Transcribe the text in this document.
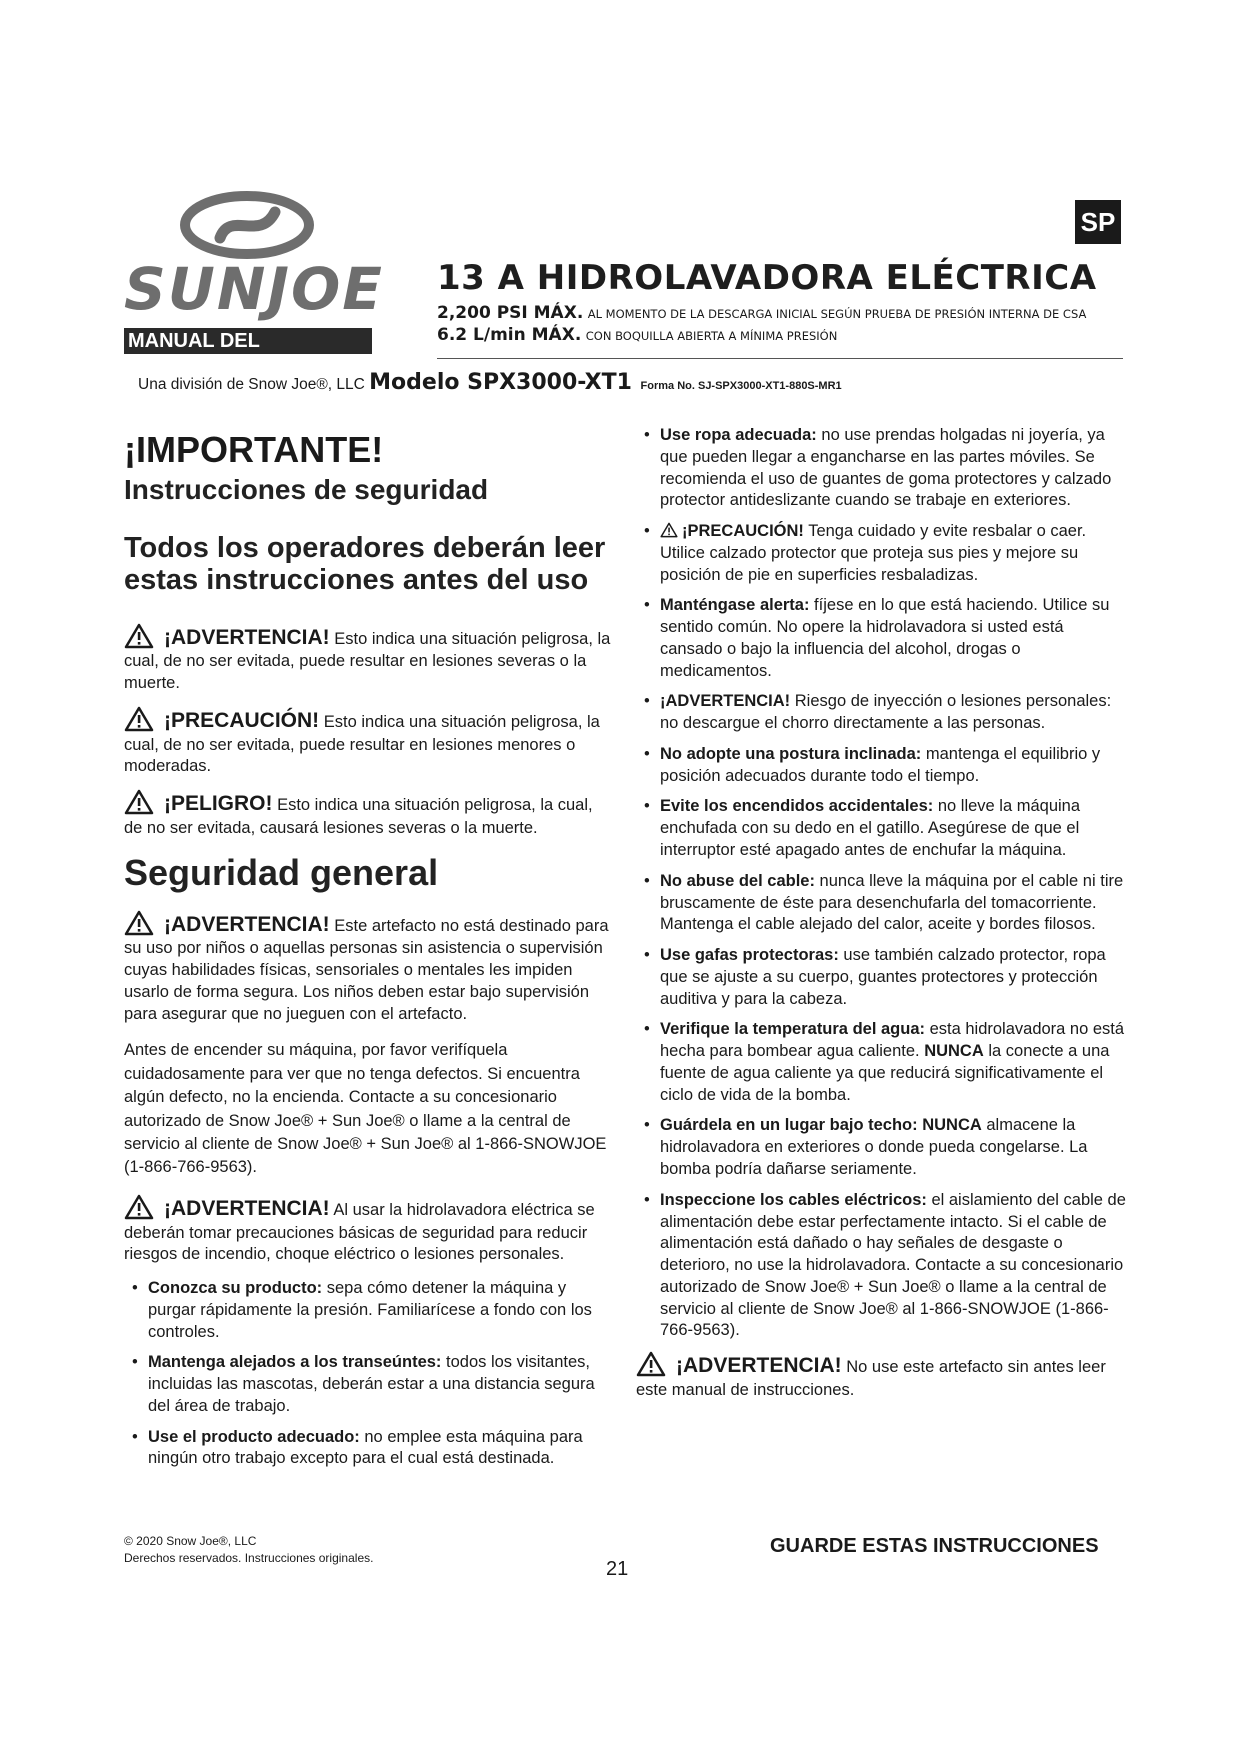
SUNJOE
MANUAL DEL OPERADOR
SP
13 A HIDROLAVADORA ELÉCTRICA
2,200 PSI MÁX. AL MOMENTO DE LA DESCARGA INICIAL SEGÚN PRUEBA DE PRESIÓN INTERNA DE CSA
6.2 L/min MÁX. CON BOQUILLA ABIERTA A MÍNIMA PRESIÓN
Una división de Snow Joe®, LLC Modelo SPX3000-XT1 Forma No. SJ-SPX3000-XT1-880S-MR1
¡IMPORTANTE!
Instrucciones de seguridad
Todos los operadores deberán leer estas instrucciones antes del uso

¡ADVERTENCIA! Esto indica una situación peligrosa, la cual, de no ser evitada, puede resultar en lesiones severas o la muerte.

¡PRECAUCIÓN! Esto indica una situación peligrosa, la cual, de no ser evitada, puede resultar en lesiones menores o moderadas.

¡PELIGRO! Esto indica una situación peligrosa, la cual, de no ser evitada, causará lesiones severas o la muerte.

Seguridad general

¡ADVERTENCIA! Este artefacto no está destinado para su uso por niños o aquellas personas sin asistencia o supervisión cuyas habilidades físicas, sensoriales o mentales les impiden usarlo de forma segura. Los niños deben estar bajo supervisión para asegurar que no jueguen con el artefacto.

Antes de encender su máquina, por favor verifíquela cuidadosamente para ver que no tenga defectos. Si encuentra algún defecto, no la encienda. Contacte a su concesionario autorizado de Snow Joe® + Sun Joe® o llame a la central de servicio al cliente de Snow Joe® + Sun Joe® al 1-866-SNOWJOE (1-866-766-9563).

¡ADVERTENCIA! Al usar la hidrolavadora eléctrica se deberán tomar precauciones básicas de seguridad para reducir riesgos de incendio, choque eléctrico o lesiones personales.

• Conozca su producto: sepa cómo detener la máquina y purgar rápidamente la presión. Familiarícese a fondo con los controles.
• Mantenga alejados a los transeúntes: todos los visitantes, incluidas las mascotas, deberán estar a una distancia segura del área de trabajo.
• Use el producto adecuado: no emplee esta máquina para ningún otro trabajo excepto para el cual está destinada.
• Use ropa adecuada: no use prendas holgadas ni joyería, ya que pueden llegar a engancharse en las partes móviles. Se recomienda el uso de guantes de goma protectores y calzado protector antideslizante cuando se trabaje en exteriores.
• ¡PRECAUCIÓN! Tenga cuidado y evite resbalar o caer. Utilice calzado protector que proteja sus pies y mejore su posición de pie en superficies resbaladizas.
• Manténgase alerta: fíjese en lo que está haciendo. Utilice su sentido común. No opere la hidrolavadora si usted está cansado o bajo la influencia del alcohol, drogas o medicamentos.
• ¡ADVERTENCIA! Riesgo de inyección o lesiones personales: no descargue el chorro directamente a las personas.
• No adopte una postura inclinada: mantenga el equilibrio y posición adecuados durante todo el tiempo.
• Evite los encendidos accidentales: no lleve la máquina enchufada con su dedo en el gatillo. Asegúrese de que el interruptor esté apagado antes de enchufar la máquina.
• No abuse del cable: nunca lleve la máquina por el cable ni tire bruscamente de éste para desenchufarla del tomacorriente. Mantenga el cable alejado del calor, aceite y bordes filosos.
• Use gafas protectoras: use también calzado protector, ropa que se ajuste a su cuerpo, guantes protectores y protección auditiva y para la cabeza.
• Verifique la temperatura del agua: esta hidrolavadora no está hecha para bombear agua caliente. NUNCA la conecte a una fuente de agua caliente ya que reducirá significativamente el ciclo de vida de la bomba.
• Guárdela en un lugar bajo techo: NUNCA almacene la hidrolavadora en exteriores o donde pueda congelarse. La bomba podría dañarse seriamente.
• Inspeccione los cables eléctricos: el aislamiento del cable de alimentación debe estar perfectamente intacto. Si el cable de alimentación está dañado o hay señales de desgaste o deterioro, no use la hidrolavadora. Contacte a su concesionario autorizado de Snow Joe® + Sun Joe® o llame a la central de servicio al cliente de Snow Joe® al 1-866-SNOWJOE (1-866-766-9563).

¡ADVERTENCIA! No use este artefacto sin antes leer este manual de instrucciones.

© 2020 Snow Joe®, LLC
Derechos reservados. Instrucciones originales.
GUARDE ESTAS INSTRUCCIONES
21
